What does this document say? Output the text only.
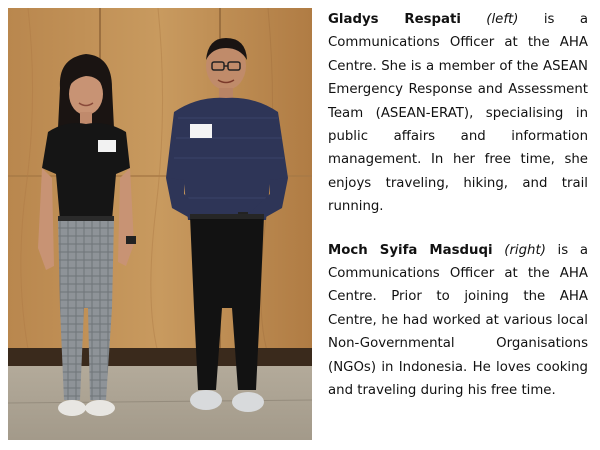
Gladys Respati (left) is a Communications Officer at the AHA Centre. She is a member of the ASEAN Emergency Response and Assessment Team (ASEAN-ERAT), specialising in public affairs and information management. In her free time, she enjoys traveling, hiking, and trail running.

Moch Syifa Masduqi (right) is a Communications Officer at the AHA Centre. Prior to joining the AHA Centre, he had worked at various local Non-Governmental Organisations (NGOs) in Indonesia. He loves cooking and traveling during his free time.
